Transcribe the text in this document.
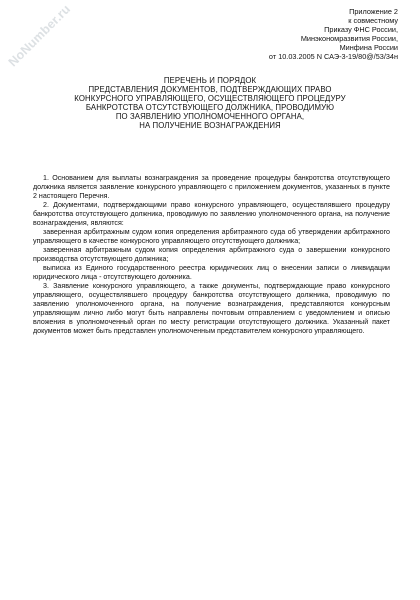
NoNumber.ru	Приложение 2
к совместному
Приказу ФНС России,
Минэкономразвития России,
Минфина России
от 10.03.2005 N САЭ-3-19/80@/53/34н
ПЕРЕЧЕНЬ И ПОРЯДОК
ПРЕДСТАВЛЕНИЯ ДОКУМЕНТОВ, ПОДТВЕРЖДАЮЩИХ ПРАВО
КОНКУРСНОГО УПРАВЛЯЮЩЕГО, ОСУЩЕСТВЛЯЮЩЕГО ПРОЦЕДУРУ
БАНКРОТСТВА ОТСУТСТВУЮЩЕГО ДОЛЖНИКА, ПРОВОДИМУЮ
ПО ЗАЯВЛЕНИЮ УПОЛНОМОЧЕННОГО ОРГАНА,
НА ПОЛУЧЕНИЕ ВОЗНАГРАЖДЕНИЯ

1. Основанием для выплаты вознаграждения за проведение процедуры банкротства отсутствующего должника является заявление конкурсного управляющего с приложением документов, указанных в пункте 2 настоящего Перечня.

2. Документами, подтверждающими право конкурсного управляющего, осуществлявшего процедуру банкротства отсутствующего должника, проводимую по заявлению уполномоченного органа, на получение вознаграждения, являются:

заверенная арбитражным судом копия определения арбитражного суда об утверждении арбитражного управляющего в качестве конкурсного управляющего отсутствующего должника;

заверенная арбитражным судом копия определения арбитражного суда о завершении конкурсного производства отсутствующего должника;

выписка из Единого государственного реестра юридических лиц о внесении записи о ликвидации юридического лица - отсутствующего должника.

3. Заявление конкурсного управляющего, а также документы, подтверждающие право конкурсного управляющего, осуществлявшего процедуру банкротства отсутствующего должника, проводимую по заявлению уполномоченного органа, на получение вознаграждения, представляются конкурсным управляющим лично либо могут быть направлены почтовым отправлением с уведомлением и описью вложения в уполномоченный орган по месту регистрации отсутствующего должника. Указанный пакет документов может быть представлен уполномоченным представителем конкурсного управляющего.
